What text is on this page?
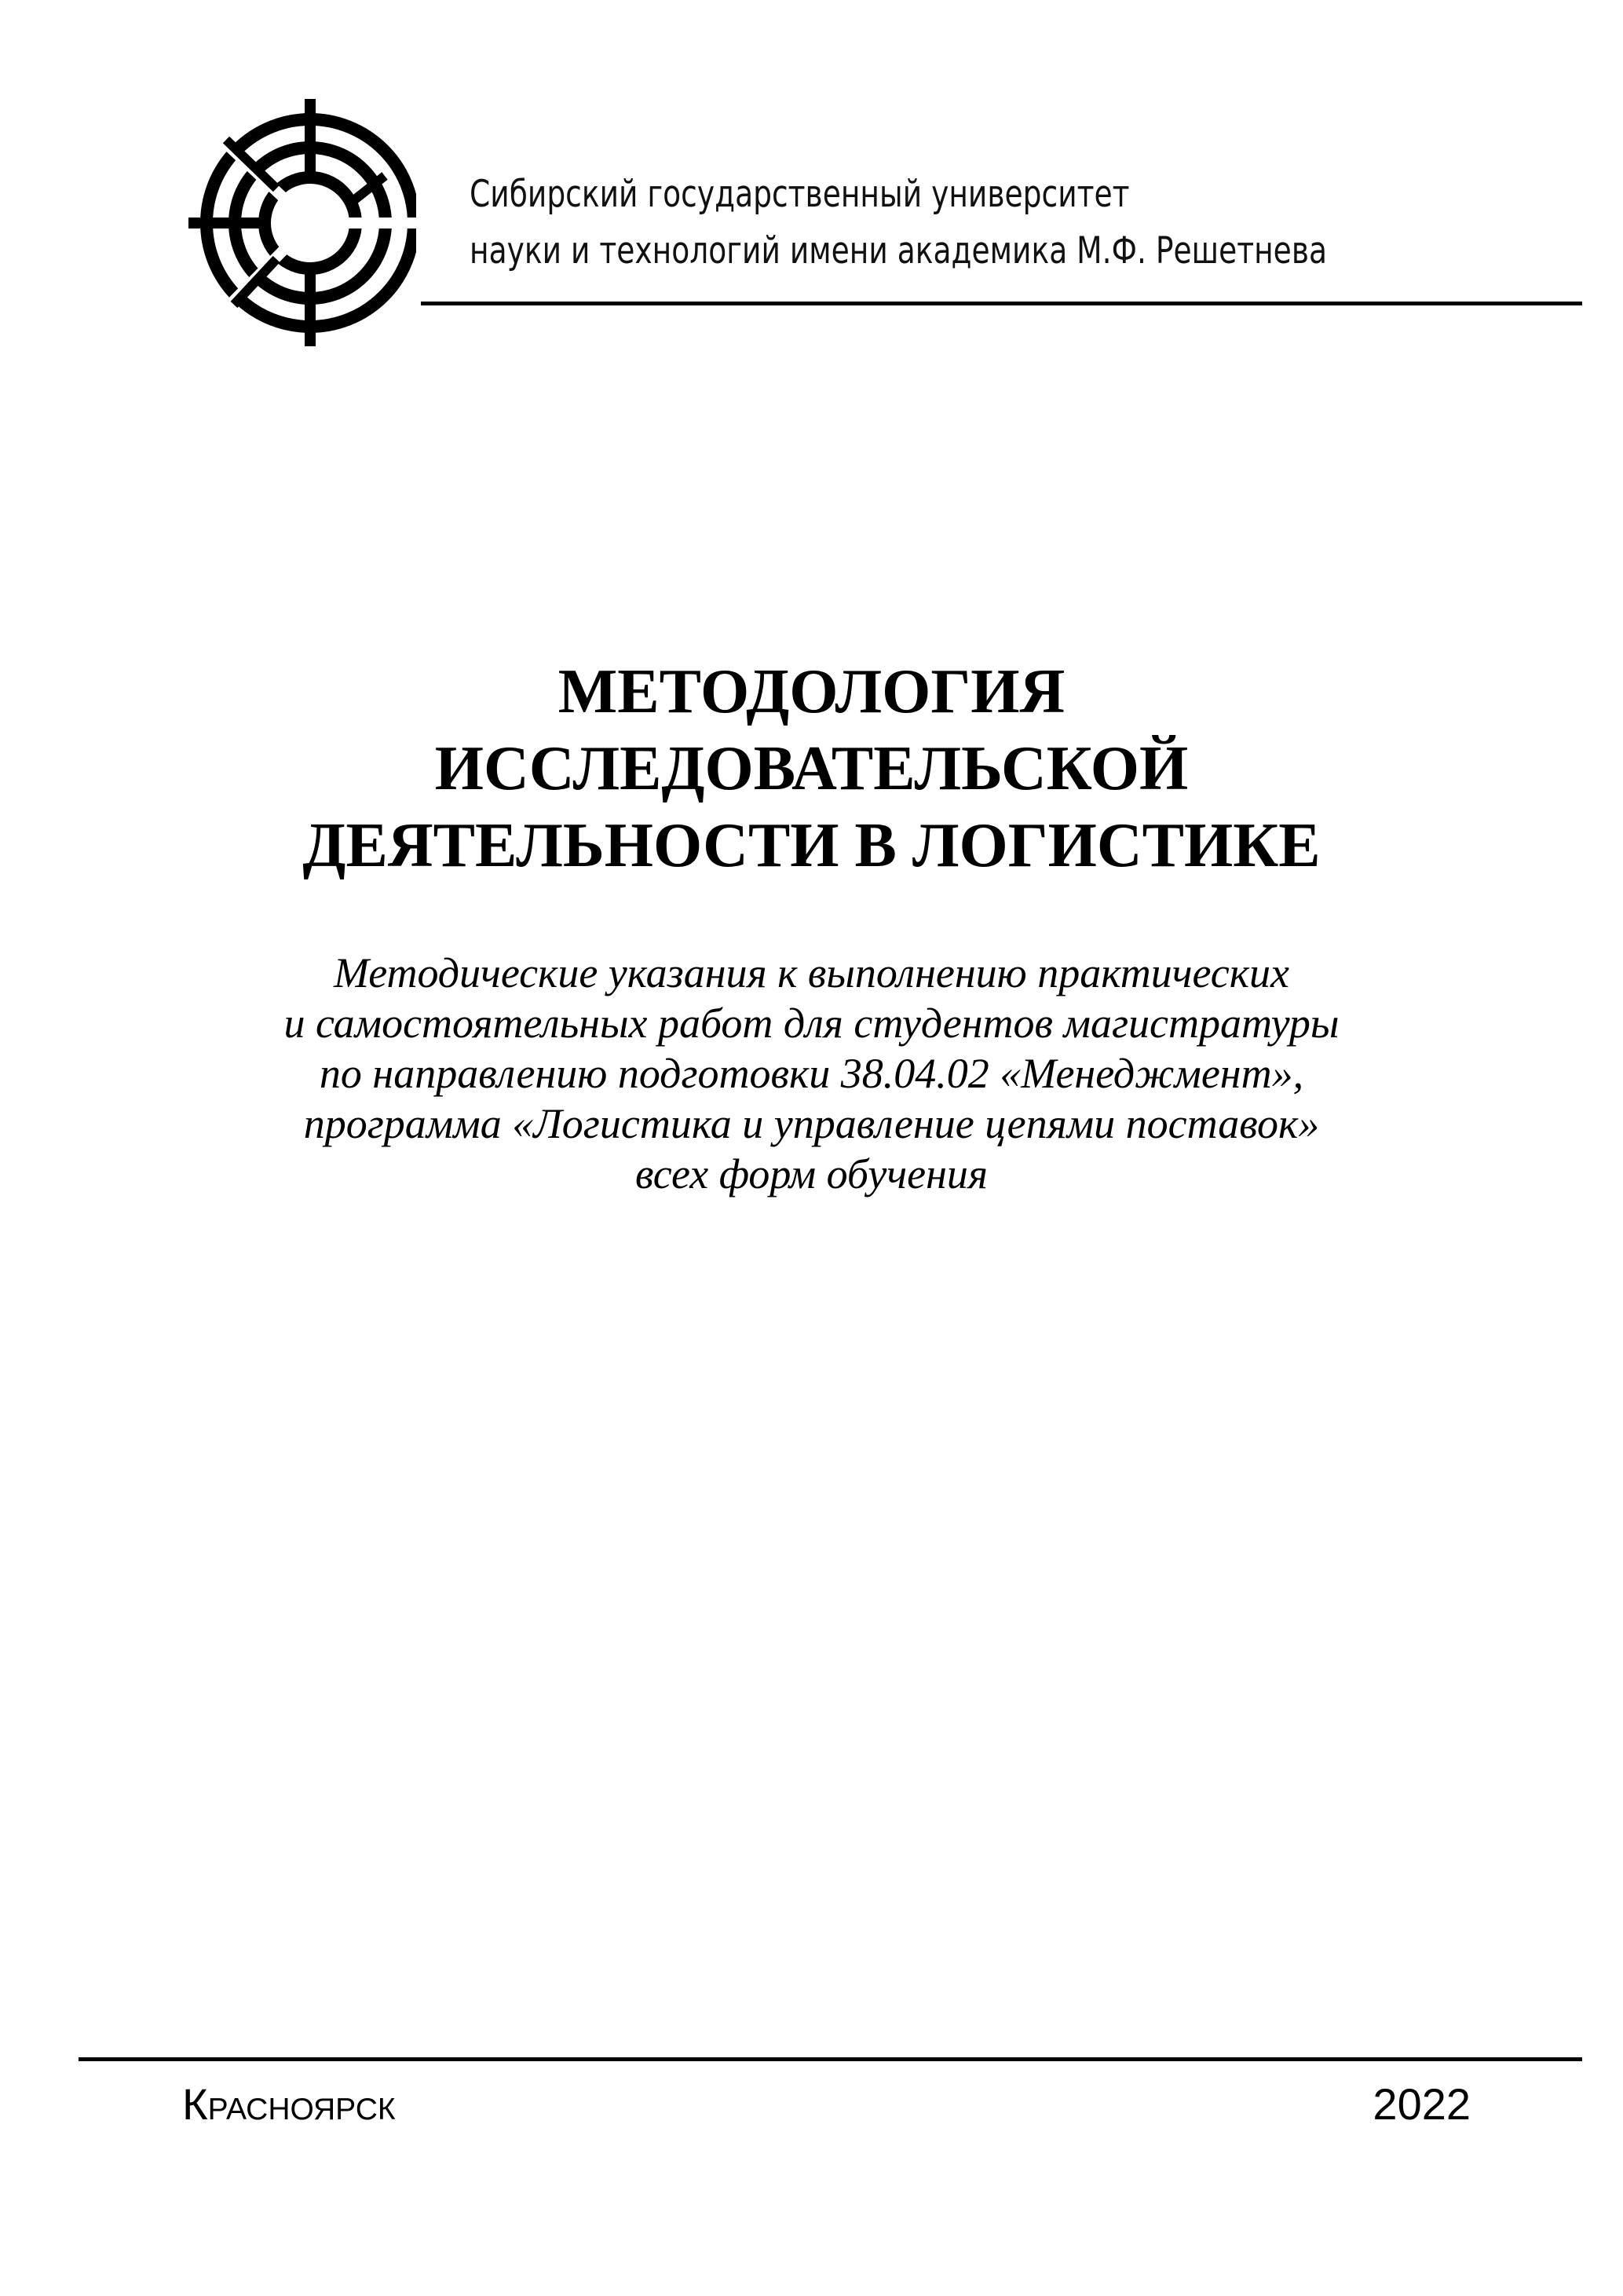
Сибирский государственный университет
науки и технологий имени академика М.Ф. Решетнева
МЕТОДОЛОГИЯ
ИССЛЕДОВАТЕЛЬСКОЙ
ДЕЯТЕЛЬНОСТИ В ЛОГИСТИКЕ
Методические указания к выполнению практических
и самостоятельных работ для студентов магистратуры
по направлению подготовки 38.04.02 «Менеджмент»,
программа «Логистика и управление цепями поставок»
всех форм обучения
Красноярск	2022
